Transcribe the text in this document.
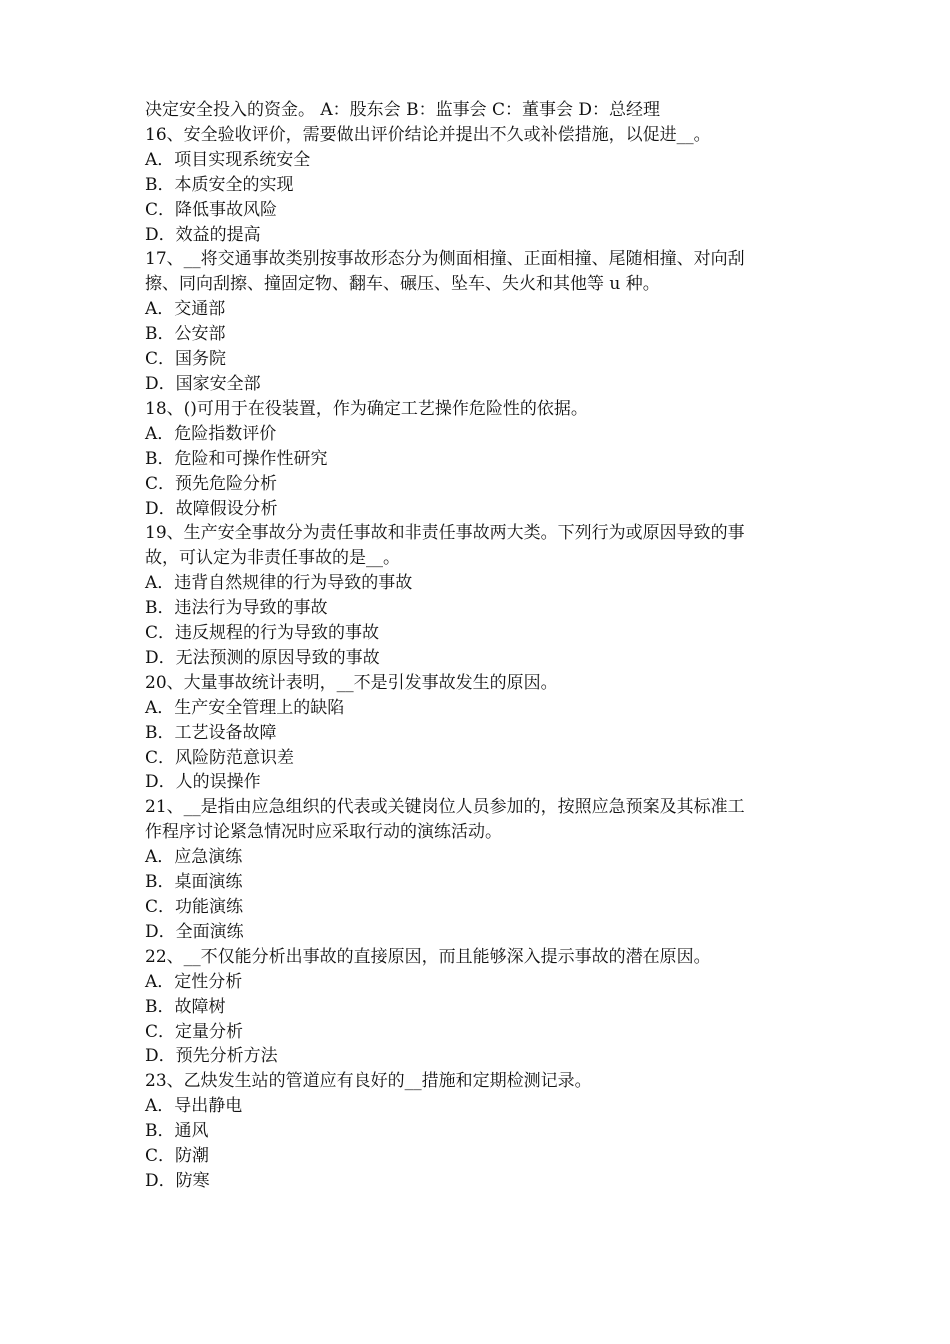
决定安全投入的资金。 A：股东会 B：监事会 C：董事会 D：总经理
16、安全验收评价，需要做出评价结论并提出不久或补偿措施，以促进__。
A．项目实现系统安全
B．本质安全的实现
C．降低事故风险
D．效益的提高
17、__将交通事故类别按事故形态分为侧面相撞、正面相撞、尾随相撞、对向刮
擦、同向刮擦、撞固定物、翻车、碾压、坠车、失火和其他等 u 种。
A．交通部
B．公安部
C．国务院
D．国家安全部
18、()可用于在役装置，作为确定工艺操作危险性的依据。
A．危险指数评价
B．危险和可操作性研究
C．预先危险分析
D．故障假设分析
19、生产安全事故分为责任事故和非责任事故两大类。下列行为或原因导致的事
故，可认定为非责任事故的是__。
A．违背自然规律的行为导致的事故
B．违法行为导致的事故
C．违反规程的行为导致的事故
D．无法预测的原因导致的事故
20、大量事故统计表明，__不是引发事故发生的原因。
A．生产安全管理上的缺陷
B．工艺设备故障
C．风险防范意识差
D．人的误操作
21、__是指由应急组织的代表或关键岗位人员参加的，按照应急预案及其标准工
作程序讨论紧急情况时应采取行动的演练活动。
A．应急演练
B．桌面演练
C．功能演练
D．全面演练
22、__不仅能分析出事故的直接原因，而且能够深入提示事故的潜在原因。
A．定性分析
B．故障树
C．定量分析
D．预先分析方法
23、乙炔发生站的管道应有良好的__措施和定期检测记录。
A．导出静电
B．通风
C．防潮
D．防寒
